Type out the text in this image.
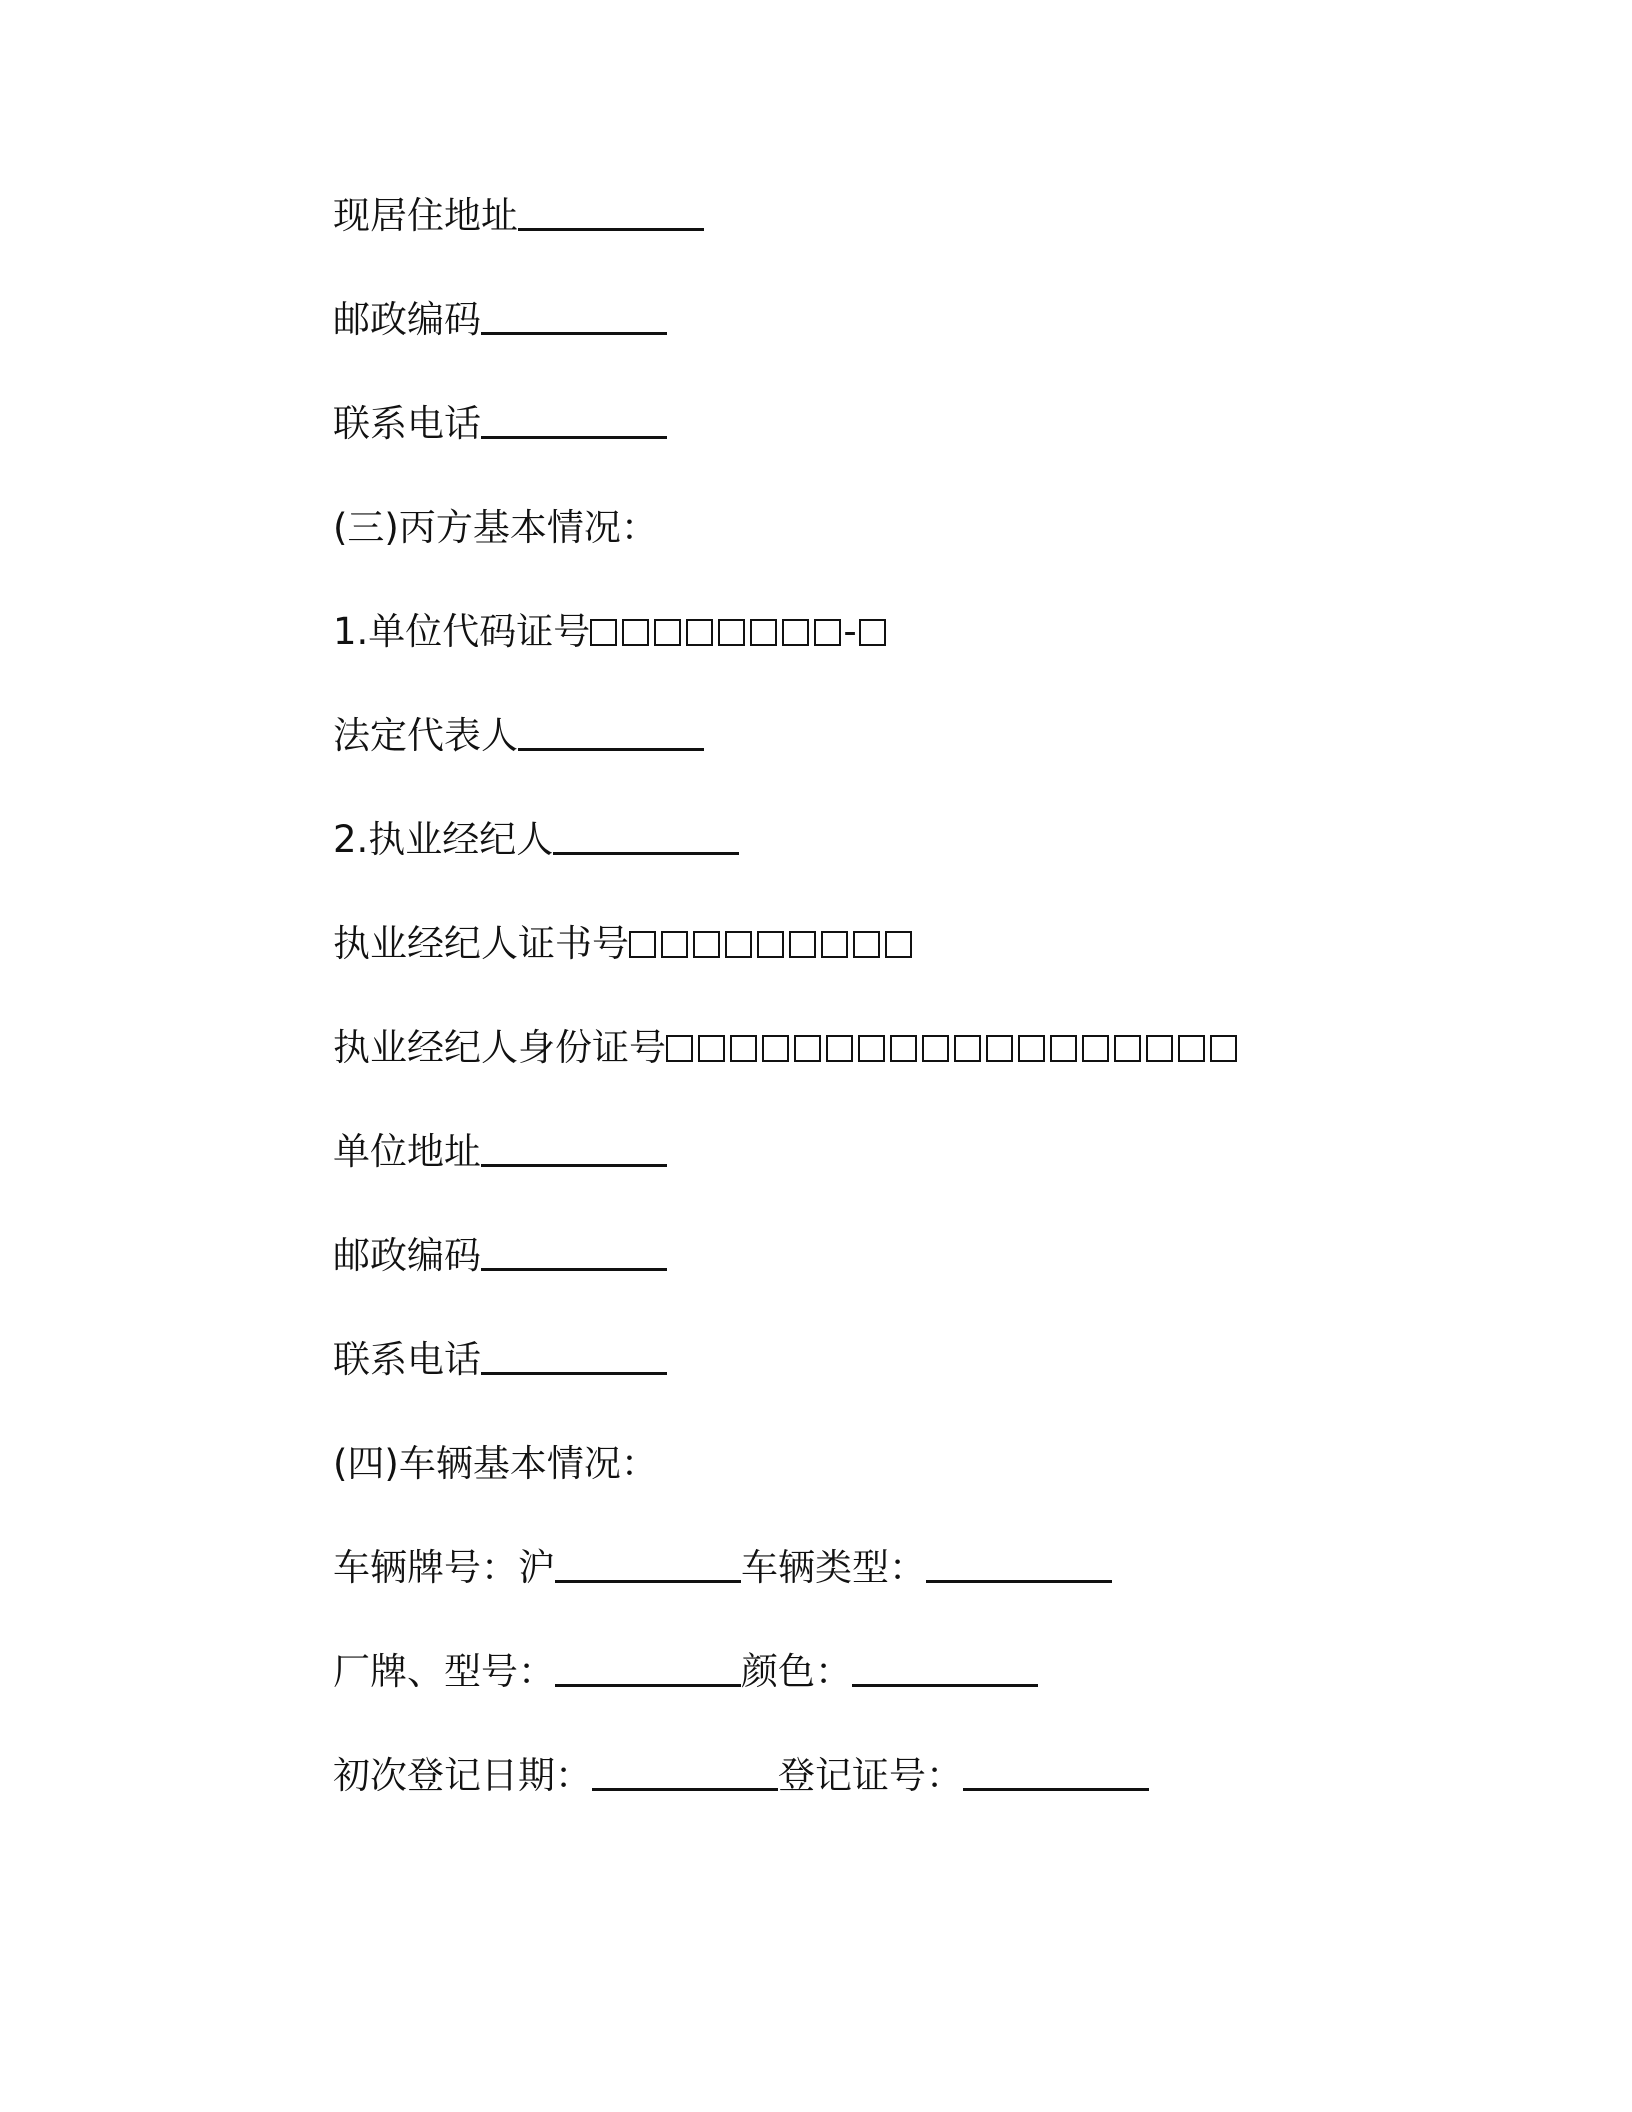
现居住地址
邮政编码
联系电话
(三)丙方基本情况：
1.单位代码证号	-
法定代表人
2.执业经纪人
执业经纪人证书号
执业经纪人身份证号
单位地址
邮政编码
联系电话
(四)车辆基本情况：
车辆牌号：沪	车辆类型：
厂牌、型号：	颜色：
初次登记日期：	登记证号：
